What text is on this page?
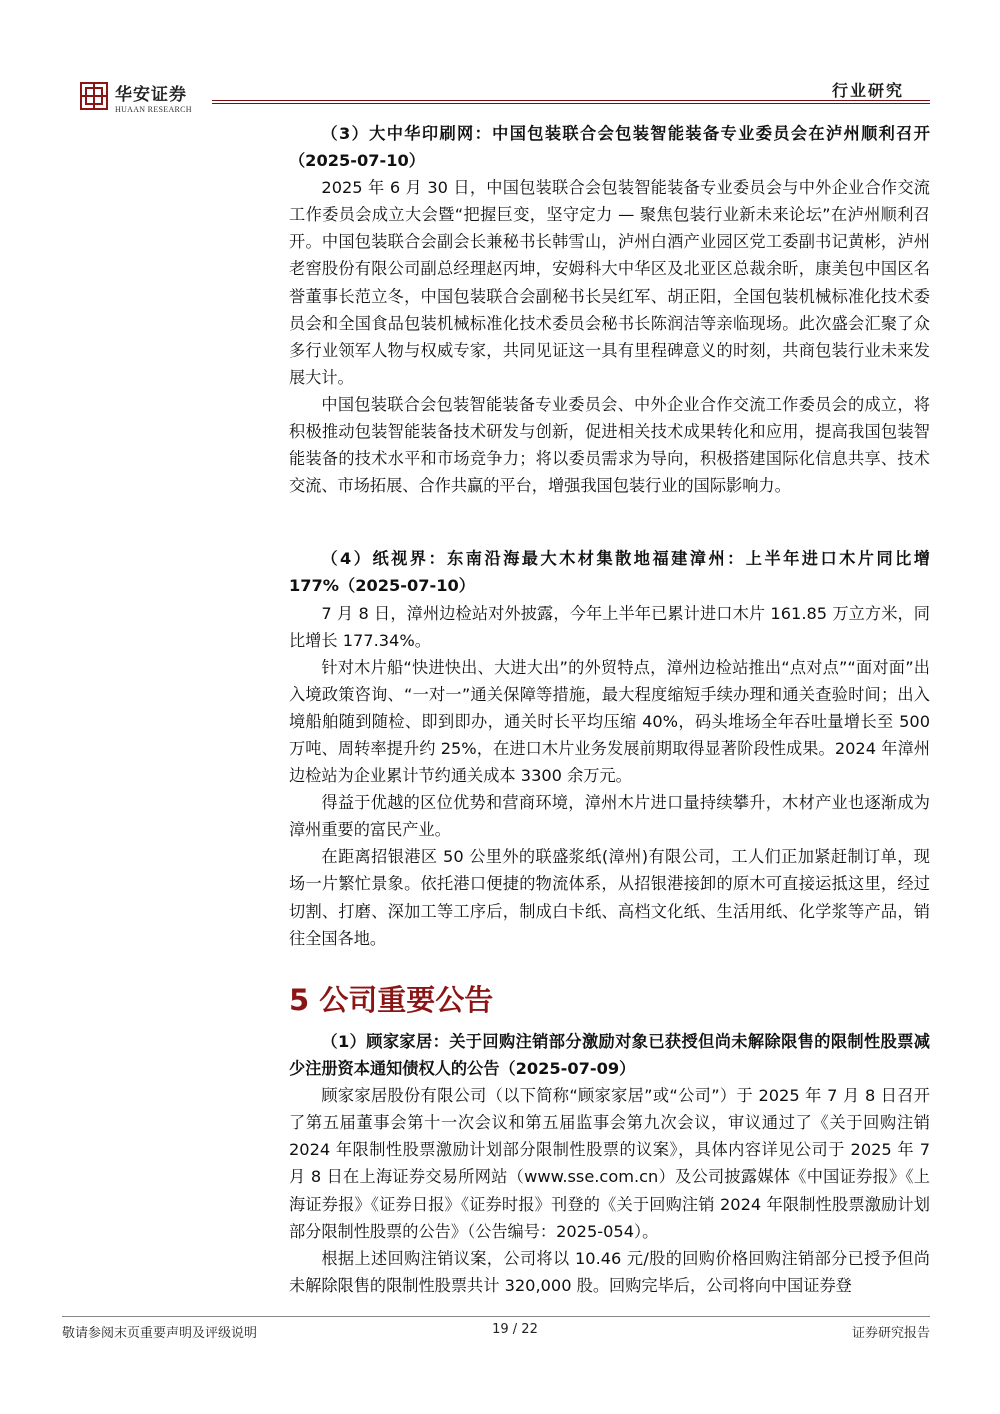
华安证券
HUAAN RESEARCH
行业研究

（3）大中华印刷网：中国包装联合会包装智能装备专业委员会在泸州顺利召开（2025-07-10）

2025 年 6 月 30 日，中国包装联合会包装智能装备专业委员会与中外企业合作交流工作委员会成立大会暨“把握巨变，坚守定力 — 聚焦包装行业新未来论坛”在泸州顺利召开。中国包装联合会副会长兼秘书长韩雪山，泸州白酒产业园区党工委副书记黄彬，泸州老窖股份有限公司副总经理赵丙坤，安姆科大中华区及北亚区总裁余昕，康美包中国区名誉董事长范立冬，中国包装联合会副秘书长吴红军、胡正阳，全国包装机械标准化技术委员会和全国食品包装机械标准化技术委员会秘书长陈润洁等亲临现场。此次盛会汇聚了众多行业领军人物与权威专家，共同见证这一具有里程碑意义的时刻，共商包装行业未来发展大计。

中国包装联合会包装智能装备专业委员会、中外企业合作交流工作委员会的成立，将积极推动包装智能装备技术研发与创新，促进相关技术成果转化和应用，提高我国包装智能装备的技术水平和市场竞争力；将以委员需求为导向，积极搭建国际化信息共享、技术交流、市场拓展、合作共赢的平台，增强我国包装行业的国际影响力。

（4）纸视界：东南沿海最大木材集散地福建漳州：上半年进口木片同比增177%（2025-07-10）

7 月 8 日，漳州边检站对外披露，今年上半年已累计进口木片 161.85 万立方米，同比增长 177.34%。

针对木片船“快进快出、大进大出”的外贸特点，漳州边检站推出“点对点”“面对面”出入境政策咨询、“一对一”通关保障等措施，最大程度缩短手续办理和通关查验时间；出入境船舶随到随检、即到即办，通关时长平均压缩 40%，码头堆场全年吞吐量增长至 500 万吨、周转率提升约 25%，在进口木片业务发展前期取得显著阶段性成果。2024 年漳州边检站为企业累计节约通关成本 3300 余万元。

得益于优越的区位优势和营商环境，漳州木片进口量持续攀升，木材产业也逐渐成为漳州重要的富民产业。

在距离招银港区 50 公里外的联盛浆纸(漳州)有限公司，工人们正加紧赶制订单，现场一片繁忙景象。依托港口便捷的物流体系，从招银港接卸的原木可直接运抵这里，经过切割、打磨、深加工等工序后，制成白卡纸、高档文化纸、生活用纸、化学浆等产品，销往全国各地。

5 公司重要公告

（1）顾家家居：关于回购注销部分激励对象已获授但尚未解除限售的限制性股票减少注册资本通知债权人的公告（2025-07-09）

顾家家居股份有限公司（以下简称“顾家家居”或“公司”）于 2025 年 7 月 8 日召开了第五届董事会第十一次会议和第五届监事会第九次会议，审议通过了《关于回购注销 2024 年限制性股票激励计划部分限制性股票的议案》，具体内容详见公司于 2025 年 7 月 8 日在上海证券交易所网站（www.sse.com.cn）及公司披露媒体《中国证券报》《上海证券报》《证券日报》《证券时报》刊登的《关于回购注销 2024 年限制性股票激励计划部分限制性股票的公告》（公告编号：2025-054）。

根据上述回购注销议案，公司将以 10.46 元/股的回购价格回购注销部分已授予但尚未解除限售的限制性股票共计 320,000 股。回购完毕后，公司将向中国证券登

敬请参阅末页重要声明及评级说明	19 / 22	证券研究报告
